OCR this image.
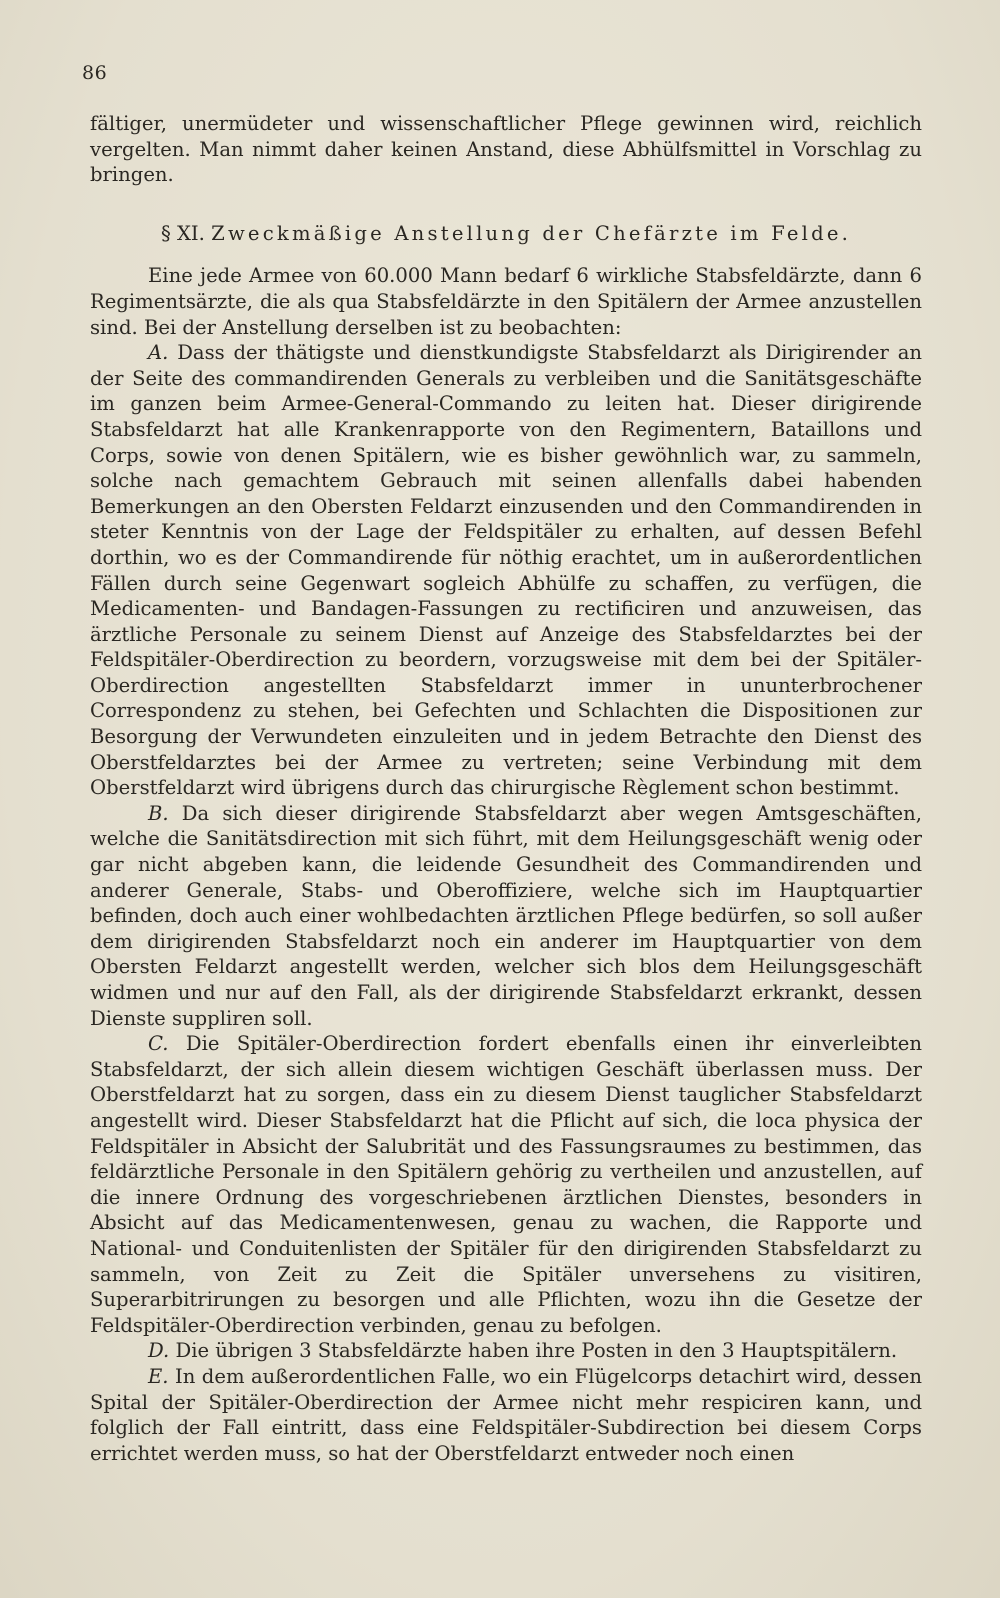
86

fältiger, unermüdeter und wissenschaftlicher Pflege gewinnen wird, reichlich vergelten. Man nimmt daher keinen Anstand, diese Abhülfsmittel in Vorschlag zu bringen.

§ XI. Zweckmäßige Anstellung der Chefärzte im Felde.

Eine jede Armee von 60.000 Mann bedarf 6 wirkliche Stabsfeldärzte, dann 6 Regimentsärzte, die als qua Stabsfeldärzte in den Spitälern der Armee anzustellen sind. Bei der Anstellung derselben ist zu beobachten:

A. Dass der thätigste und dienstkundigste Stabsfeldarzt als Dirigirender an der Seite des commandirenden Generals zu verbleiben und die Sanitätsgeschäfte im ganzen beim Armee-General-Commando zu leiten hat. Dieser dirigirende Stabsfeldarzt hat alle Krankenrapporte von den Regimentern, Bataillons und Corps, sowie von denen Spitälern, wie es bisher gewöhnlich war, zu sammeln, solche nach gemachtem Gebrauch mit seinen allenfalls dabei habenden Bemerkungen an den Obersten Feldarzt einzusenden und den Commandirenden in steter Kenntnis von der Lage der Feldspitäler zu erhalten, auf dessen Befehl dorthin, wo es der Commandirende für nöthig erachtet, um in außerordentlichen Fällen durch seine Gegenwart sogleich Abhülfe zu schaffen, zu verfügen, die Medicamenten- und Bandagen-Fassungen zu rectificiren und anzuweisen, das ärztliche Personale zu seinem Dienst auf Anzeige des Stabsfeldarztes bei der Feldspitäler-Oberdirection zu beordern, vorzugsweise mit dem bei der Spitäler-Oberdirection angestellten Stabsfeldarzt immer in ununterbrochener Correspondenz zu stehen, bei Gefechten und Schlachten die Dispositionen zur Besorgung der Verwundeten einzuleiten und in jedem Betrachte den Dienst des Oberstfeldarztes bei der Armee zu vertreten; seine Verbindung mit dem Oberstfeldarzt wird übrigens durch das chirurgische Règlement schon bestimmt.

B. Da sich dieser dirigirende Stabsfeldarzt aber wegen Amtsgeschäften, welche die Sanitätsdirection mit sich führt, mit dem Heilungsgeschäft wenig oder gar nicht abgeben kann, die leidende Gesundheit des Commandirenden und anderer Generale, Stabs- und Oberoffiziere, welche sich im Hauptquartier befinden, doch auch einer wohlbedachten ärztlichen Pflege bedürfen, so soll außer dem dirigirenden Stabsfeldarzt noch ein anderer im Hauptquartier von dem Obersten Feldarzt angestellt werden, welcher sich blos dem Heilungsgeschäft widmen und nur auf den Fall, als der dirigirende Stabsfeldarzt erkrankt, dessen Dienste suppliren soll.

C. Die Spitäler-Oberdirection fordert ebenfalls einen ihr einverleibten Stabsfeldarzt, der sich allein diesem wichtigen Geschäft überlassen muss. Der Oberstfeldarzt hat zu sorgen, dass ein zu diesem Dienst tauglicher Stabsfeldarzt angestellt wird. Dieser Stabsfeldarzt hat die Pflicht auf sich, die loca physica der Feldspitäler in Absicht der Salubrität und des Fassungsraumes zu bestimmen, das feldärztliche Personale in den Spitälern gehörig zu vertheilen und anzustellen, auf die innere Ordnung des vorgeschriebenen ärztlichen Dienstes, besonders in Absicht auf das Medicamentenwesen, genau zu wachen, die Rapporte und National- und Conduitenlisten der Spitäler für den dirigirenden Stabsfeldarzt zu sammeln, von Zeit zu Zeit die Spitäler unversehens zu visitiren, Superarbitrirungen zu besorgen und alle Pflichten, wozu ihn die Gesetze der Feldspitäler-Oberdirection verbinden, genau zu befolgen.

D. Die übrigen 3 Stabsfeldärzte haben ihre Posten in den 3 Hauptspitälern.

E. In dem außerordentlichen Falle, wo ein Flügelcorps detachirt wird, dessen Spital der Spitäler-Oberdirection der Armee nicht mehr respiciren kann, und folglich der Fall eintritt, dass eine Feldspitäler-Subdirection bei diesem Corps errichtet werden muss, so hat der Oberstfeldarzt entweder noch einen
